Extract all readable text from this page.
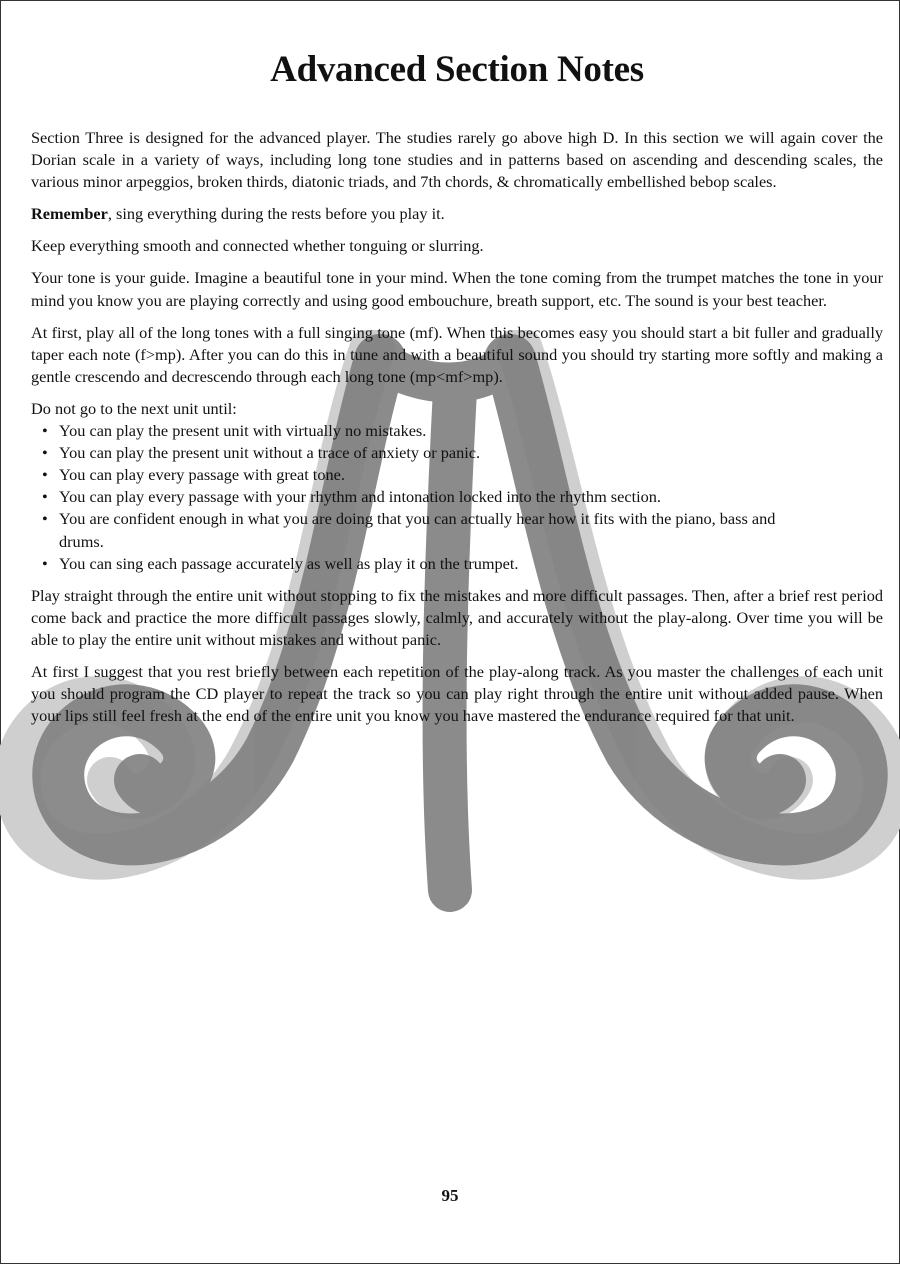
Advanced Section Notes

Section Three is designed for the advanced player. The studies rarely go above high D. In this section we will again cover the Dorian scale in a variety of ways, including long tone studies and in patterns based on ascending and descending scales, the various minor arpeggios, broken thirds, diatonic triads, and 7th chords, & chromatically embellished bebop scales.

Remember, sing everything during the rests before you play it.

Keep everything smooth and connected whether tonguing or slurring.

Your tone is your guide. Imagine a beautiful tone in your mind. When the tone coming from the trumpet matches the tone in your mind you know you are playing correctly and using good embouchure, breath support, etc. The sound is your best teacher.

At first, play all of the long tones with a full singing tone (mf). When this becomes easy you should start a bit fuller and gradually taper each note (f>mp). After you can do this in tune and with a beautiful sound you should try starting more softly and making a gentle crescendo and decrescendo through each long tone (mp<mf>mp).

Do not go to the next unit until:

• You can play the present unit with virtually no mistakes.
• You can play the present unit without a trace of anxiety or panic.
• You can play every passage with great tone.
• You can play every passage with your rhythm and intonation locked into the rhythm section.
• You are confident enough in what you are doing that you can actually hear how it fits with the piano, bass and drums.
• You can sing each passage accurately as well as play it on the trumpet.

Play straight through the entire unit without stopping to fix the mistakes and more difficult passages. Then, after a brief rest period come back and practice the more difficult passages slowly, calmly, and accurately without the play-along. Over time you will be able to play the entire unit without mistakes and without panic.

At first I suggest that you rest briefly between each repetition of the play-along track. As you master the challenges of each unit you should program the CD player to repeat the track so you can play right through the entire unit without added pause. When your lips still feel fresh at the end of the entire unit you know you have mastered the endurance required for that unit.

95
